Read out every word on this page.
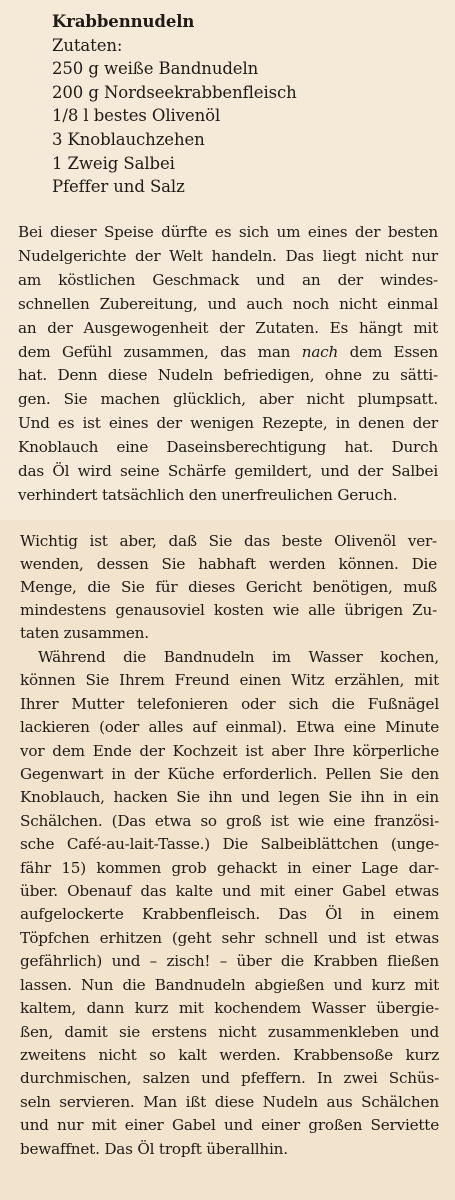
Krabbennudeln
Zutaten:
250 g weiße Bandnudeln
200 g Nordseekrabbenfleisch
1/8 l bestes Olivenöl
3 Knoblauchzehen
1 Zweig Salbei
Pfeffer und Salz
Bei dieser Speise dürfte es sich um eines der besten
Nudelgerichte der Welt handeln. Das liegt nicht nur
am köstlichen Geschmack und an der windes-
schnellen Zubereitung, und auch noch nicht einmal
an der Ausgewogenheit der Zutaten. Es hängt mit
dem Gefühl zusammen, das man nach dem Essen
hat. Denn diese Nudeln befriedigen, ohne zu sätti-
gen. Sie machen glücklich, aber nicht plumpsatt.
Und es ist eines der wenigen Rezepte, in denen der
Knoblauch eine Daseinsberechtigung hat. Durch
das Öl wird seine Schärfe gemildert, und der Salbei
verhindert tatsächlich den unerfreulichen Geruch.
Wichtig ist aber, daß Sie das beste Olivenöl ver-
wenden, dessen Sie habhaft werden können. Die
Menge, die Sie für dieses Gericht benötigen, muß
mindestens genausoviel kosten wie alle übrigen Zu-
taten zusammen.
Während die Bandnudeln im Wasser kochen,
können Sie Ihrem Freund einen Witz erzählen, mit
Ihrer Mutter telefonieren oder sich die Fußnägel
lackieren (oder alles auf einmal). Etwa eine Minute
vor dem Ende der Kochzeit ist aber Ihre körperliche
Gegenwart in der Küche erforderlich. Pellen Sie den
Knoblauch, hacken Sie ihn und legen Sie ihn in ein
Schälchen. (Das etwa so groß ist wie eine französi-
sche Café-au-lait-Tasse.) Die Salbeiblättchen (unge-
fähr 15) kommen grob gehackt in einer Lage dar-
über. Obenauf das kalte und mit einer Gabel etwas
aufgelockerte Krabbenfleisch. Das Öl in einem
Töpfchen erhitzen (geht sehr schnell und ist etwas
gefährlich) und – zisch! – über die Krabben fließen
lassen. Nun die Bandnudeln abgießen und kurz mit
kaltem, dann kurz mit kochendem Wasser übergie-
ßen, damit sie erstens nicht zusammenkleben und
zweitens nicht so kalt werden. Krabbensoße kurz
durchmischen, salzen und pfeffern. In zwei Schüs-
seln servieren. Man ißt diese Nudeln aus Schälchen
und nur mit einer Gabel und einer großen Serviette
bewaffnet. Das Öl tropft überallhin.
